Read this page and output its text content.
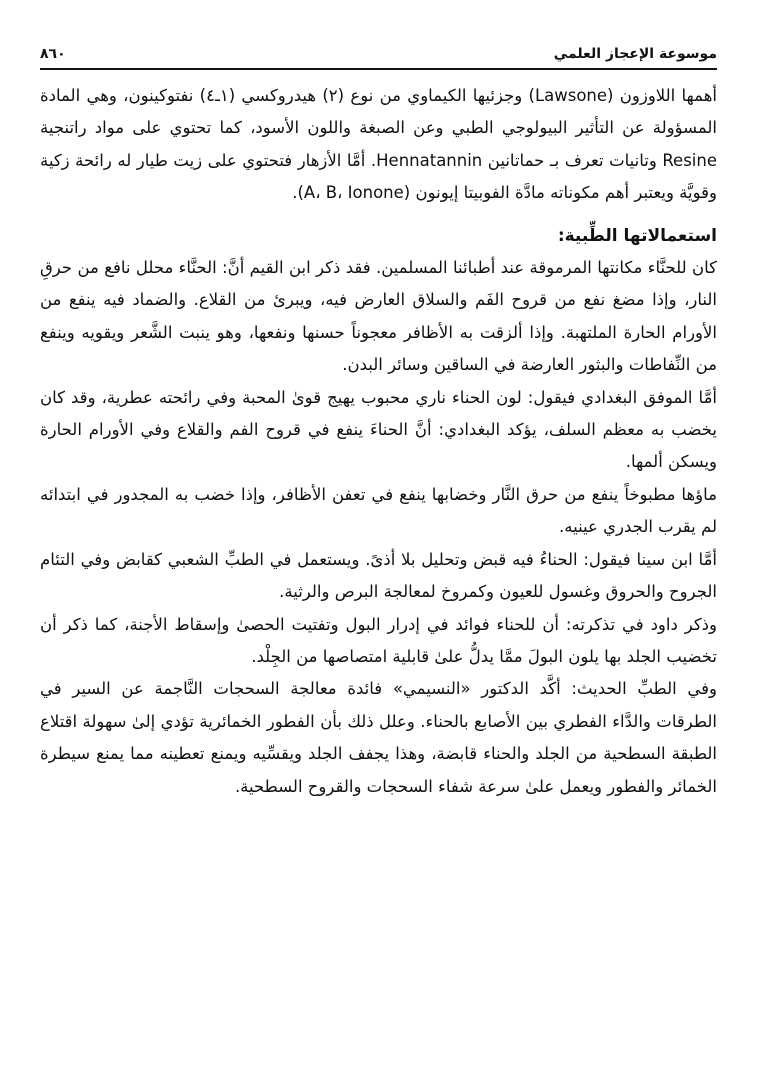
موسوعة الإعجاز العلمي
٨٦٠

أهمها اللاوزون (Lawsone) وجزئيها الكيماوي من نوع (٢) هيدروكسي (١ـ٤) نفتوكينون، وهي المادة المسؤولة عن التأثير البيولوجي الطبي وعن الصبغة واللون الأسود، كما تحتوي على مواد راتنجية Resine وتانيات تعرف بـ حماتانين Hennatannin. أمَّا الأزهار فتحتوي على زيت طيار له رائحة زكية وقويَّة ويعتبر أهم مكوناته مادَّة الفوبيتا إيونون (A، B، Ionone).

استعمالاتها الطِّبية:

كان للحنَّاء مكانتها المرموقة عند أطبائنا المسلمين. فقد ذكر ابن القيم أنَّ: الحنَّاء محلل نافع من حرقِ النار، وإذا مضغ نفع من قروح الفَم والسلاق العارض فيه، ويبرئ من القلاع. والضماد فيه ينفع من الأورام الحارة الملتهبة. وإذا ألزقت به الأظافر معجوناً حسنها ونفعها، وهو ينبت الشَّعر ويقويه وينفع من النِّفاطات والبثور العارضة في الساقين وسائر البدن.

أمَّا الموفق البغدادي فيقول: لون الحناء ناري محبوب يهيج قوىٰ المحبة وفي رائحته عطرية، وقد كان يخضب به معظم السلف، يؤكد البغدادي: أنَّ الحناءَ ينفع في قروح الفم والقلاع وفي الأورام الحارة ويسكن ألمها.

ماؤها مطبوخاً ينفع من حرق النَّار وخضابها ينفع في تعفن الأظافر، وإذا خضب به المجدور في ابتدائه لم يقرب الجدري عينيه.

أمَّا ابن سينا فيقول: الحناءُ فيه قبض وتحليل بلا أذىً. ويستعمل في الطبِّ الشعبي كقابض وفي التئام الجروح والحروق وغسول للعيون وكمروخ لمعالجة البرص والرثية.

وذكر داود في تذكرته: أن للحناء فوائد في إدرار البول وتفتيت الحصىٰ وإسقاط الأجنة، كما ذكر أن تخضيب الجلد بها يلون البولَ ممَّا يدلُّ علىٰ قابلية امتصاصها من الجِلْد.

وفي الطبِّ الحديث: أكَّد الدكتور «النسيمي» فائدة معالجة السحجات النَّاجمة عن السير في الطرقات والدَّاء الفطري بين الأصابع بالحناء. وعلل ذلك بأن الفطور الخمائرية تؤدي إلىٰ سهولة اقتلاع الطبقة السطحية من الجلد والحناء قابضة، وهذا يجفف الجلد ويقسِّيه ويمنع تعطينه مما يمنع سيطرة الخمائر والفطور ويعمل علىٰ سرعة شفاء السحجات والقروح السطحية.
